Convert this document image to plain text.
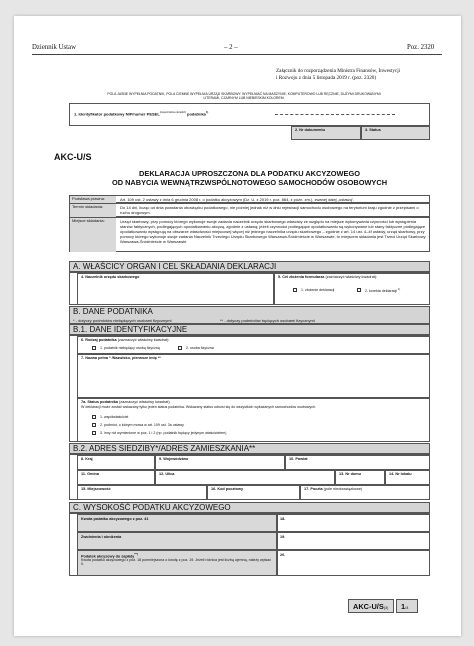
Dziennik Ustaw	– 2 –	Poz. 2320
Załącznik do rozporządzenia Ministra Finansów, Inwestycji
i Rozwoju z dnia 5 listopada 2019 r. (poz. 2320)
POLA JASNE WYPEŁNIA PODATNIK, POLA CIEMNE WYPEŁNIA URZĄD SKARBOWY. WYPEŁNIAĆ NA MASZYNIE, KOMPUTEROWO LUB RĘCZNIE, DUŻYMI DRUKOWANYMI
LITERAMI, CZARNYM LUB NIEBIESKIM KOLOREM.
1. Identyfikator podatkowy NIP/numer $PESEL^{(niepotrzebne skreślić)}$ podatnika$^{1)}$
2. Nr dokumentu	3. Status
AKC-U/S
DEKLARACJA UPROSZCZONA DLA PODATKU AKCYZOWEGO
OD NABYCIA WEWNĄTRZWSPÓLNOTOWEGO SAMOCHODÓW OSOBOWYCH
Podstawa prawna:	Art. 109 ust. 2 ustawy z dnia 6 grudnia 2008 r. o podatku akcyzowym (Dz. U. z 2019 r. poz. 864, z późn. zm.), zwanej dalej „ustawą”.
Termin składania:	Do 14 dni, licząc od dnia powstania obowiązku podatkowego, nie później jednak niż w dniu rejestracji samochodu osobowego na terytorium kraju zgodnie z przepisami o ruchu drogowym.
Miejsce składania:	Urząd skarbowy, przy pomocy którego wykonuje swoje zadania naczelnik urzędu skarbowego właściwy ze względu na miejsce wykonywania czynności lub wystąpienia stanów faktycznych, podlegających opodatkowaniu akcyzą, zgodnie z ustawą; jeżeli czynności podlegające opodatkowaniu są wykonywane lub stany faktyczne podlegające opodatkowaniu występują na obszarze właściwości miejscowej więcej niż jednego naczelnika urzędu skarbowego – zgodnie z art. 14 ust. 4–4f ustawy, urząd skarbowy, przy pomocy którego wykonuje swoje zadania Naczelnik Trzeciego Urzędu Skarbowego Warszawa-Śródmieście w Warszawie, to miejscem składania jest Trzeci Urząd Skarbowy Warszawa-Śródmieście w Warszawie.
A. WŁAŚCICY ORGAN I CEL SKŁADANIA DEKLARACJI
4. Naczelnik urzędu skarbowego	5. Cel złożenia formularza (zaznaczyć właściwy kwadrat):
1. złożenie deklaracji	2. korekta deklaracji $^{1)}$
B. DANE PODATNIKA
* - dotyczy podmiotów niebędących osobami fizycznymi	** - dotyczy podmiotów będących osobami fizycznymi
B.1. DANE IDENTYFIKACYJNE
6. Rodzaj podatnika (zaznaczyć właściwy kwadrat):
1. podatnik niebędący osobą fizyczną	2. osoba fizyczna
7. Nazwa pełna * /Nazwisko, pierwsze imię **
7a. Status podatnika (zaznaczyć właściwy kwadrat)
W deklaracji może zostać wskazany tylko jeden status podatnika. Wskazany status odnosi się do wszystkich wykazanych samochodów osobowych.
1. współwłaściciel
2. podmiot, o którym mowa w art. 109 ust. 3a ustawy
3. inny niż wymienione w poz. 1 i 2 (np. podatnik będący jedynym właścicielem)
B.2. ADRES SIEDZIBY*/ADRES ZAMIESZKANIA**
8. Kraj	9. Województwo	10. Powiat
11. Gmina	12. Ulica	13. Nr domu	14. Nr lokalu
15. Miejscowość	16. Kod pocztowy	17. Poczta (pole nieobowiązkowe)
C. WYSOKOŚĆ PODATKU AKCYZOWEGO
Kwota podatku akcyzowego z poz. 41	18.
Zwolnienia i obniżenia	19.
Podatek akcyzowy do zapłaty***)
Kwota podatku akcyzowego z poz. 18 pomniejszona o kwotę z poz. 19. Jeżeli różnica jest liczbą ujemną, należy wpisać 0.
20.
AKC-U/S(3) 1/4
